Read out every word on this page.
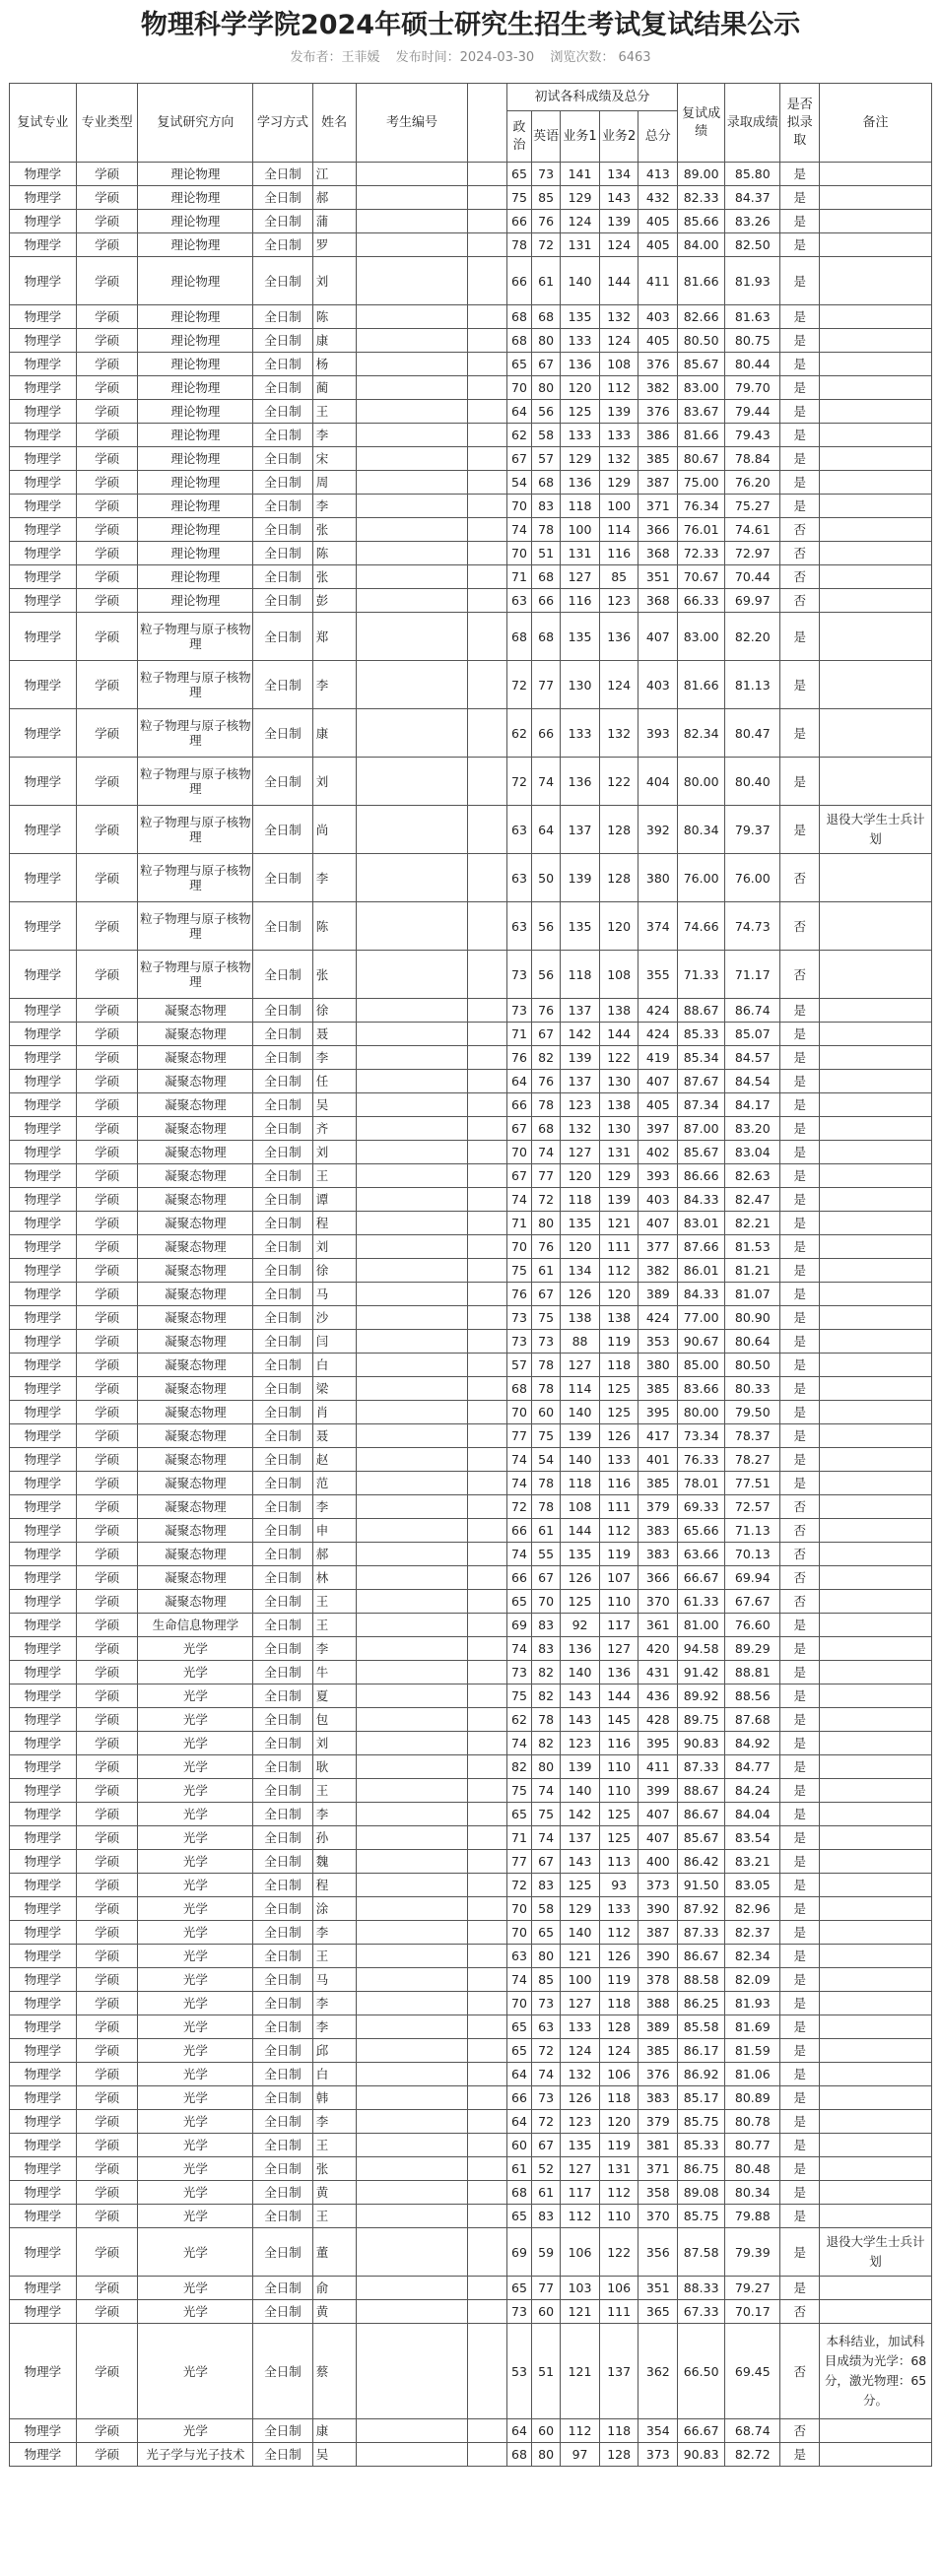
物理科学学院2024年硕士研究生招生考试复试结果公示
发布者：王菲媛 发布时间：2024-03-30 浏览次数： 6463
复试专业	专业类型	复试研究方向	学习方式	姓名	考生编号		初试各科成绩及总分					复试成绩	录取成绩	是否拟录取	备注
							政治	英语	业务1	业务2	总分				

物理学	学硕	理论物理	全日制	江			65	73	141	134	413	89.00	85.80	是	
物理学	学硕	理论物理	全日制	郝			75	85	129	143	432	82.33	84.37	是	
物理学	学硕	理论物理	全日制	蒲			66	76	124	139	405	85.66	83.26	是	
物理学	学硕	理论物理	全日制	罗			78	72	131	124	405	84.00	82.50	是	
物理学	学硕	理论物理	全日制	刘			66	61	140	144	411	81.66	81.93	是	
物理学	学硕	理论物理	全日制	陈			68	68	135	132	403	82.66	81.63	是	
物理学	学硕	理论物理	全日制	康			68	80	133	124	405	80.50	80.75	是	
物理学	学硕	理论物理	全日制	杨			65	67	136	108	376	85.67	80.44	是	
物理学	学硕	理论物理	全日制	蔺			70	80	120	112	382	83.00	79.70	是	
物理学	学硕	理论物理	全日制	王			64	56	125	139	376	83.67	79.44	是	
物理学	学硕	理论物理	全日制	李			62	58	133	133	386	81.66	79.43	是	
物理学	学硕	理论物理	全日制	宋			67	57	129	132	385	80.67	78.84	是	
物理学	学硕	理论物理	全日制	周			54	68	136	129	387	75.00	76.20	是	
物理学	学硕	理论物理	全日制	李			70	83	118	100	371	76.34	75.27	是	
物理学	学硕	理论物理	全日制	张			74	78	100	114	366	76.01	74.61	否	
物理学	学硕	理论物理	全日制	陈			70	51	131	116	368	72.33	72.97	否	
物理学	学硕	理论物理	全日制	张			71	68	127	85	351	70.67	70.44	否	
物理学	学硕	理论物理	全日制	彭			63	66	116	123	368	66.33	69.97	否	
物理学	学硕	粒子物理与原子核物理	全日制	郑			68	68	135	136	407	83.00	82.20	是	
物理学	学硕	粒子物理与原子核物理	全日制	李			72	77	130	124	403	81.66	81.13	是	
物理学	学硕	粒子物理与原子核物理	全日制	康			62	66	133	132	393	82.34	80.47	是	
物理学	学硕	粒子物理与原子核物理	全日制	刘			72	74	136	122	404	80.00	80.40	是	
物理学	学硕	粒子物理与原子核物理	全日制	尚			63	64	137	128	392	80.34	79.37	是	退役大学生士兵计划
物理学	学硕	粒子物理与原子核物理	全日制	李			63	50	139	128	380	76.00	76.00	否	
物理学	学硕	粒子物理与原子核物理	全日制	陈			63	56	135	120	374	74.66	74.73	否	
物理学	学硕	粒子物理与原子核物理	全日制	张			73	56	118	108	355	71.33	71.17	否	
物理学	学硕	凝聚态物理	全日制	徐			73	76	137	138	424	88.67	86.74	是	
物理学	学硕	凝聚态物理	全日制	聂			71	67	142	144	424	85.33	85.07	是	
物理学	学硕	凝聚态物理	全日制	李			76	82	139	122	419	85.34	84.57	是	
物理学	学硕	凝聚态物理	全日制	任			64	76	137	130	407	87.67	84.54	是	
物理学	学硕	凝聚态物理	全日制	吴			66	78	123	138	405	87.34	84.17	是	
物理学	学硕	凝聚态物理	全日制	齐			67	68	132	130	397	87.00	83.20	是	
物理学	学硕	凝聚态物理	全日制	刘			70	74	127	131	402	85.67	83.04	是	
物理学	学硕	凝聚态物理	全日制	王			67	77	120	129	393	86.66	82.63	是	
物理学	学硕	凝聚态物理	全日制	谭			74	72	118	139	403	84.33	82.47	是	
物理学	学硕	凝聚态物理	全日制	程			71	80	135	121	407	83.01	82.21	是	
物理学	学硕	凝聚态物理	全日制	刘			70	76	120	111	377	87.66	81.53	是	
物理学	学硕	凝聚态物理	全日制	徐			75	61	134	112	382	86.01	81.21	是	
物理学	学硕	凝聚态物理	全日制	马			76	67	126	120	389	84.33	81.07	是	
物理学	学硕	凝聚态物理	全日制	沙			73	75	138	138	424	77.00	80.90	是	
物理学	学硕	凝聚态物理	全日制	闫			73	73	88	119	353	90.67	80.64	是	
物理学	学硕	凝聚态物理	全日制	白			57	78	127	118	380	85.00	80.50	是	
物理学	学硕	凝聚态物理	全日制	梁			68	78	114	125	385	83.66	80.33	是	
物理学	学硕	凝聚态物理	全日制	肖			70	60	140	125	395	80.00	79.50	是	
物理学	学硕	凝聚态物理	全日制	聂			77	75	139	126	417	73.34	78.37	是	
物理学	学硕	凝聚态物理	全日制	赵			74	54	140	133	401	76.33	78.27	是	
物理学	学硕	凝聚态物理	全日制	范			74	78	118	116	385	78.01	77.51	是	
物理学	学硕	凝聚态物理	全日制	李			72	78	108	111	379	69.33	72.57	否	
物理学	学硕	凝聚态物理	全日制	申			66	61	144	112	383	65.66	71.13	否	
物理学	学硕	凝聚态物理	全日制	郝			74	55	135	119	383	63.66	70.13	否	
物理学	学硕	凝聚态物理	全日制	林			66	67	126	107	366	66.67	69.94	否	
物理学	学硕	凝聚态物理	全日制	王			65	70	125	110	370	61.33	67.67	否	
物理学	学硕	生命信息物理学	全日制	王			69	83	92	117	361	81.00	76.60	是	
物理学	学硕	光学	全日制	李			74	83	136	127	420	94.58	89.29	是	
物理学	学硕	光学	全日制	牛			73	82	140	136	431	91.42	88.81	是	
物理学	学硕	光学	全日制	夏			75	82	143	144	436	89.92	88.56	是	
物理学	学硕	光学	全日制	包			62	78	143	145	428	89.75	87.68	是	
物理学	学硕	光学	全日制	刘			74	82	123	116	395	90.83	84.92	是	
物理学	学硕	光学	全日制	耿			82	80	139	110	411	87.33	84.77	是	
物理学	学硕	光学	全日制	王			75	74	140	110	399	88.67	84.24	是	
物理学	学硕	光学	全日制	李			65	75	142	125	407	86.67	84.04	是	
物理学	学硕	光学	全日制	孙			71	74	137	125	407	85.67	83.54	是	
物理学	学硕	光学	全日制	魏			77	67	143	113	400	86.42	83.21	是	
物理学	学硕	光学	全日制	程			72	83	125	93	373	91.50	83.05	是	
物理学	学硕	光学	全日制	涂			70	58	129	133	390	87.92	82.96	是	
物理学	学硕	光学	全日制	李			70	65	140	112	387	87.33	82.37	是	
物理学	学硕	光学	全日制	王			63	80	121	126	390	86.67	82.34	是	
物理学	学硕	光学	全日制	马			74	85	100	119	378	88.58	82.09	是	
物理学	学硕	光学	全日制	李			70	73	127	118	388	86.25	81.93	是	
物理学	学硕	光学	全日制	李			65	63	133	128	389	85.58	81.69	是	
物理学	学硕	光学	全日制	邱			65	72	124	124	385	86.17	81.59	是	
物理学	学硕	光学	全日制	白			64	74	132	106	376	86.92	81.06	是	
物理学	学硕	光学	全日制	韩			66	73	126	118	383	85.17	80.89	是	
物理学	学硕	光学	全日制	李			64	72	123	120	379	85.75	80.78	是	
物理学	学硕	光学	全日制	王			60	67	135	119	381	85.33	80.77	是	
物理学	学硕	光学	全日制	张			61	52	127	131	371	86.75	80.48	是	
物理学	学硕	光学	全日制	黄			68	61	117	112	358	89.08	80.34	是	
物理学	学硕	光学	全日制	王			65	83	112	110	370	85.75	79.88	是	
物理学	学硕	光学	全日制	董			69	59	106	122	356	87.58	79.39	是	退役大学生士兵计划
物理学	学硕	光学	全日制	俞			65	77	103	106	351	88.33	79.27	是	
物理学	学硕	光学	全日制	黄			73	60	121	111	365	67.33	70.17	否	
物理学	学硕	光学	全日制	蔡			53	51	121	137	362	66.50	69.45	否	本科结业，加试科目成绩为光学：68分，激光物理：65分。
物理学	学硕	光学	全日制	康			64	60	112	118	354	66.67	68.74	否	
物理学	学硕	光子学与光子技术	全日制	吴			68	80	97	128	373	90.83	82.72	是	
